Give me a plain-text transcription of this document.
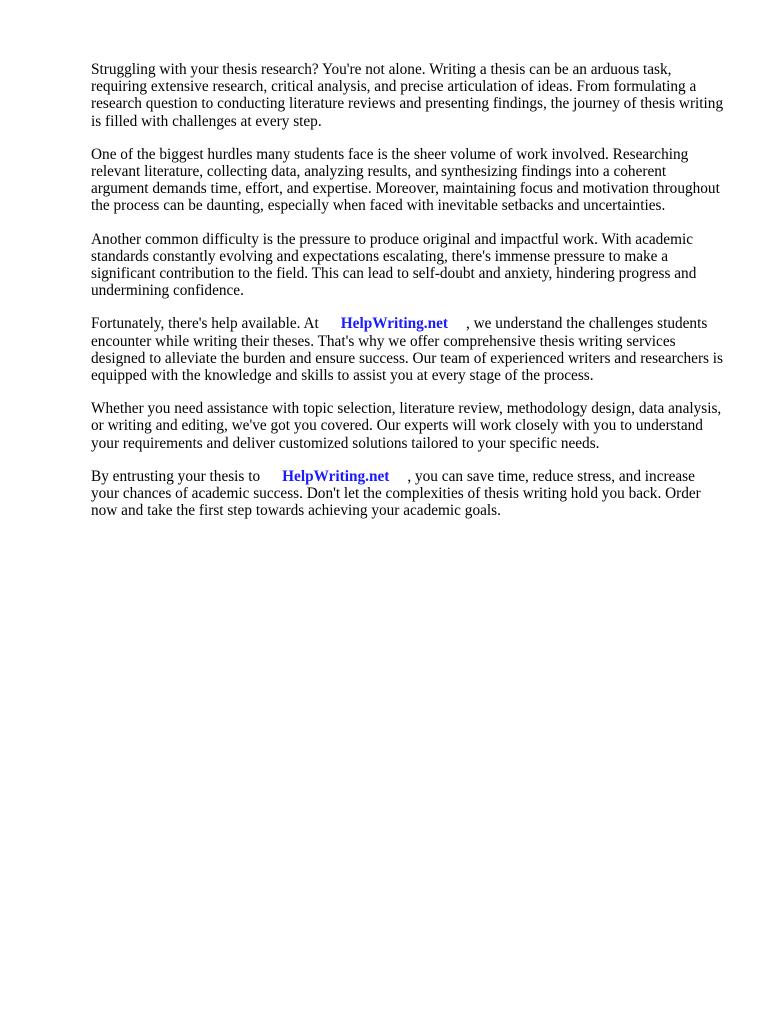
Struggling with your thesis research? You're not alone. Writing a thesis can be an arduous task, requiring extensive research, critical analysis, and precise articulation of ideas. From formulating a research question to conducting literature reviews and presenting findings, the journey of thesis writing is filled with challenges at every step.

One of the biggest hurdles many students face is the sheer volume of work involved. Researching relevant literature, collecting data, analyzing results, and synthesizing findings into a coherent argument demands time, effort, and expertise. Moreover, maintaining focus and motivation throughout the process can be daunting, especially when faced with inevitable setbacks and uncertainties.

Another common difficulty is the pressure to produce original and impactful work. With academic standards constantly evolving and expectations escalating, there's immense pressure to make a significant contribution to the field. This can lead to self-doubt and anxiety, hindering progress and undermining confidence.

Fortunately, there's help available. At HelpWriting.net , we understand the challenges students encounter while writing their theses. That's why we offer comprehensive thesis writing services designed to alleviate the burden and ensure success. Our team of experienced writers and researchers is equipped with the knowledge and skills to assist you at every stage of the process.

Whether you need assistance with topic selection, literature review, methodology design, data analysis, or writing and editing, we've got you covered. Our experts will work closely with you to understand your requirements and deliver customized solutions tailored to your specific needs.

By entrusting your thesis to HelpWriting.net , you can save time, reduce stress, and increase your chances of academic success. Don't let the complexities of thesis writing hold you back. Order now and take the first step towards achieving your academic goals.
